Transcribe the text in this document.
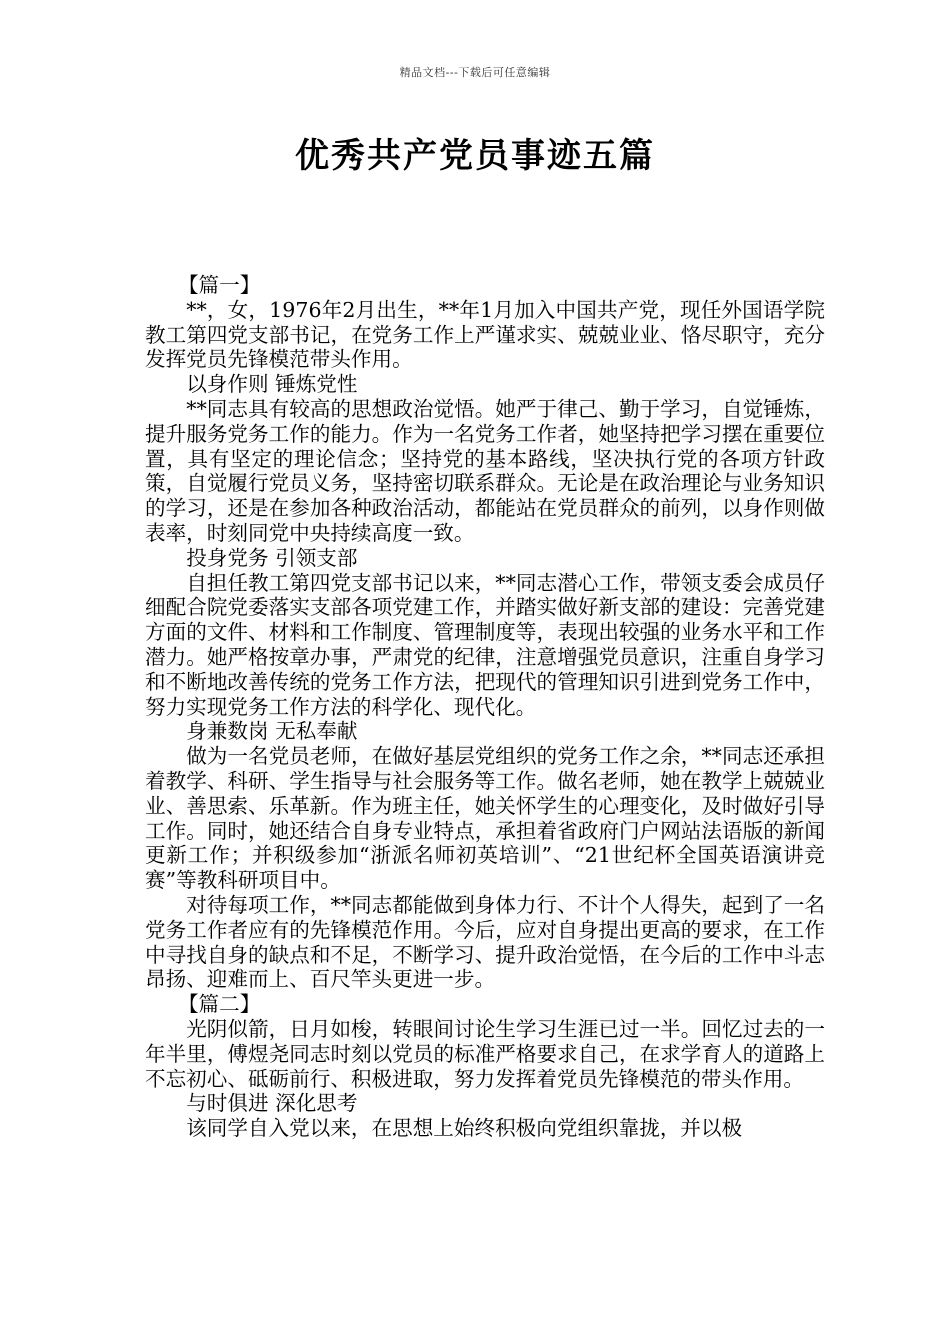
精品文档---下载后可任意编辑
优秀共产党员事迹五篇

【篇一】

**，女，1976年2月出生，**年1月加入中国共产党，现任外国语学院教工第四党支部书记，在党务工作上严谨求实、兢兢业业、恪尽职守，充分发挥党员先锋模范带头作用。

以身作则 锤炼党性

**同志具有较高的思想政治觉悟。她严于律己、勤于学习，自觉锤炼，提升服务党务工作的能力。作为一名党务工作者，她坚持把学习摆在重要位置，具有坚定的理论信念；坚持党的基本路线，坚决执行党的各项方针政策，自觉履行党员义务，坚持密切联系群众。无论是在政治理论与业务知识的学习，还是在参加各种政治活动，都能站在党员群众的前列，以身作则做表率，时刻同党中央持续高度一致。

投身党务 引领支部

自担任教工第四党支部书记以来，**同志潜心工作，带领支委会成员仔细配合院党委落实支部各项党建工作，并踏实做好新支部的建设：完善党建方面的文件、材料和工作制度、管理制度等，表现出较强的业务水平和工作潜力。她严格按章办事，严肃党的纪律，注意增强党员意识，注重自身学习和不断地改善传统的党务工作方法，把现代的管理知识引进到党务工作中，努力实现党务工作方法的科学化、现代化。

身兼数岗 无私奉献

做为一名党员老师，在做好基层党组织的党务工作之余，**同志还承担着教学、科研、学生指导与社会服务等工作。做名老师，她在教学上兢兢业业、善思索、乐革新。作为班主任，她关怀学生的心理变化，及时做好引导工作。同时，她还结合自身专业特点，承担着省政府门户网站法语版的新闻更新工作；并积级参加“浙派名师初英培训”、“21世纪杯全国英语演讲竞赛”等教科研项目中。

对待每项工作，**同志都能做到身体力行、不计个人得失，起到了一名党务工作者应有的先锋模范作用。今后，应对自身提出更高的要求，在工作中寻找自身的缺点和不足，不断学习、提升政治觉悟，在今后的工作中斗志昂扬、迎难而上、百尺竿头更进一步。

【篇二】

光阴似箭，日月如梭，转眼间讨论生学习生涯已过一半。回忆过去的一年半里，傅煜尧同志时刻以党员的标准严格要求自己，在求学育人的道路上不忘初心、砥砺前行、积极进取，努力发挥着党员先锋模范的带头作用。

与时俱进 深化思考

该同学自入党以来，在思想上始终积极向党组织靠拢，并以极
